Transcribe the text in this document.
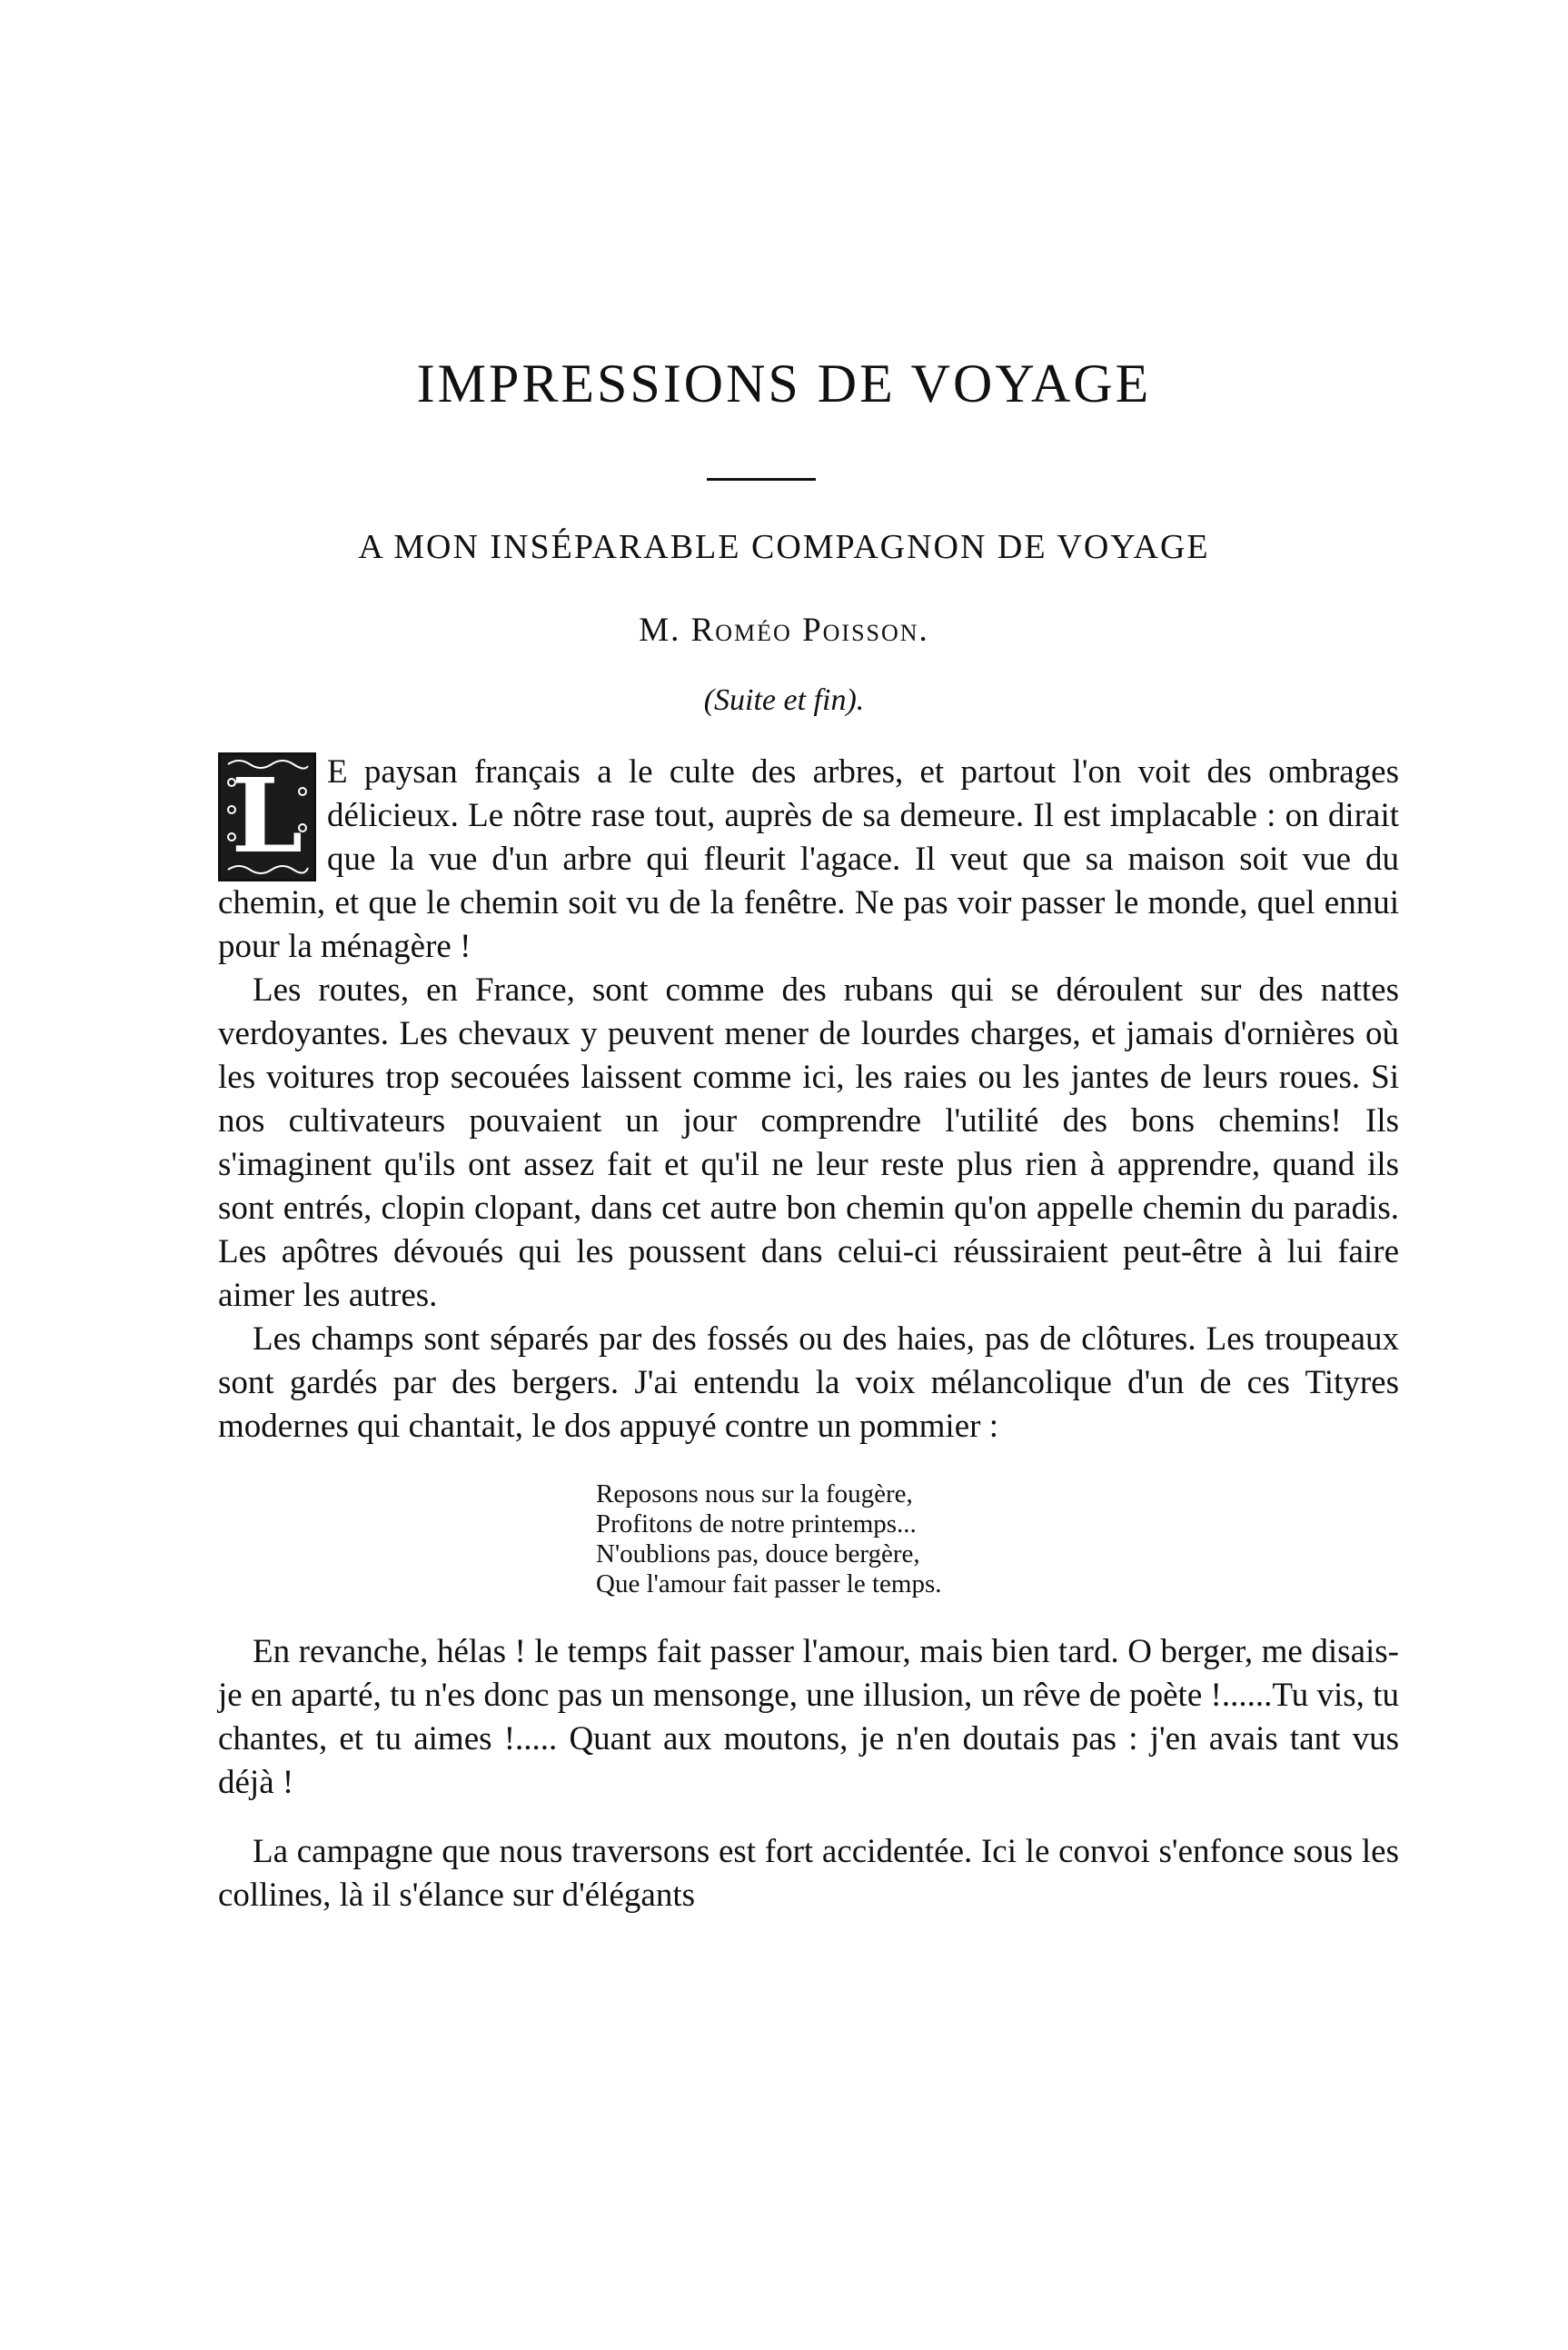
IMPRESSIONS DE VOYAGE
A MON INSÉPARABLE COMPAGNON DE VOYAGE
M. Roméo Poisson.
(Suite et fin).

L E paysan français a le culte des arbres, et partout l'on voit des ombrages délicieux. Le nôtre rase tout, auprès de sa demeure. Il est implacable : on dirait que la vue d'un arbre qui fleurit l'agace. Il veut que sa maison soit vue du chemin, et que le chemin soit vu de la fenêtre. Ne pas voir passer le monde, quel ennui pour la ménagère !

Les routes, en France, sont comme des rubans qui se déroulent sur des nattes verdoyantes. Les chevaux y peuvent mener de lourdes charges, et jamais d'ornières où les voitures trop secouées laissent comme ici, les raies ou les jantes de leurs roues. Si nos cultivateurs pouvaient un jour comprendre l'utilité des bons chemins! Ils s'imaginent qu'ils ont assez fait et qu'il ne leur reste plus rien à apprendre, quand ils sont entrés, clopin clopant, dans cet autre bon chemin qu'on appelle chemin du paradis. Les apôtres dévoués qui les poussent dans celui-ci réussiraient peut-être à lui faire aimer les autres.

Les champs sont séparés par des fossés ou des haies, pas de clôtures. Les troupeaux sont gardés par des bergers. J'ai entendu la voix mélancolique d'un de ces Tityres modernes qui chantait, le dos appuyé contre un pommier :

Reposons nous sur la fougère,
Profitons de notre printemps...
N'oublions pas, douce bergère,
Que l'amour fait passer le temps.

En revanche, hélas ! le temps fait passer l'amour, mais bien tard. O berger, me disais-je en aparté, tu n'es donc pas un mensonge, une illusion, un rêve de poète !......Tu vis, tu chantes, et tu aimes !..... Quant aux moutons, je n'en doutais pas : j'en avais tant vus déjà !

La campagne que nous traversons est fort accidentée. Ici le convoi s'enfonce sous les collines, là il s'élance sur d'élégants
